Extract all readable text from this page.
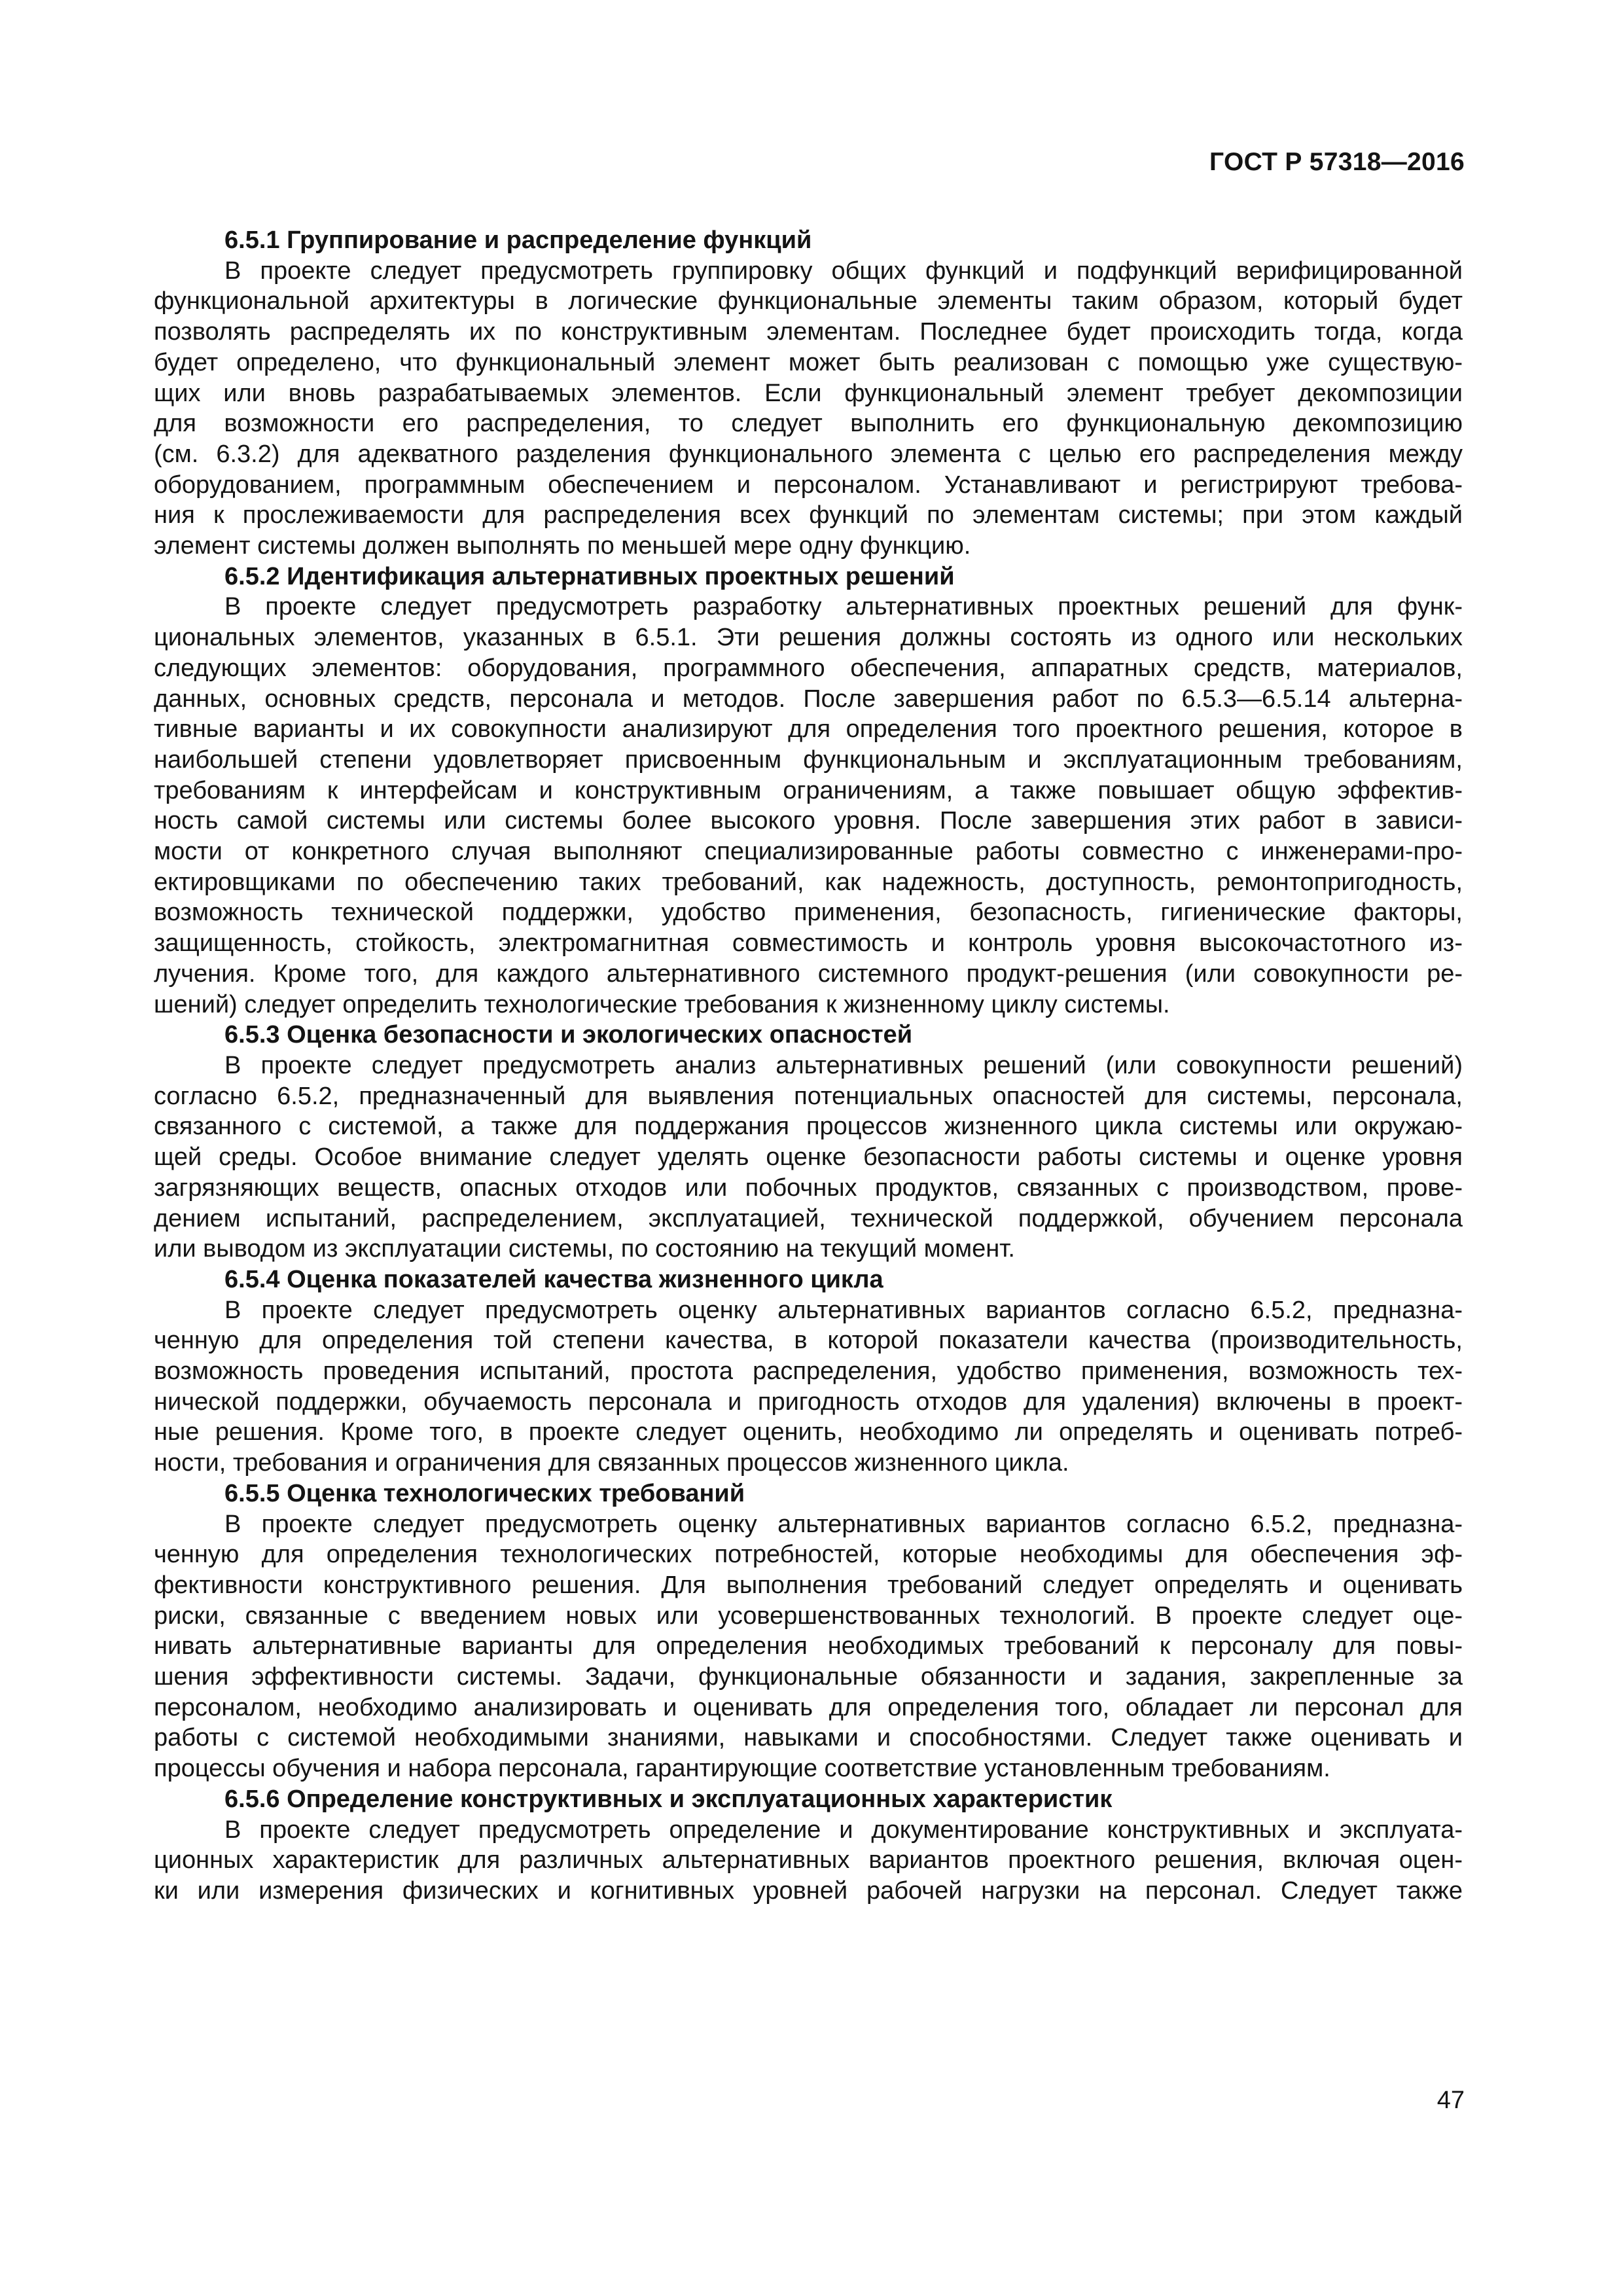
ГОСТ Р 57318—2016
6.5.1 Группирование и распределение функций
В проекте следует предусмотреть группировку общих функций и подфункций верифицированной
функциональной архитектуры в логические функциональные элементы таким образом, который будет
позволять распределять их по конструктивным элементам. Последнее будет происходить тогда, когда
будет определено, что функциональный элемент может быть реализован с помощью уже существую-
щих или вновь разрабатываемых элементов. Если функциональный элемент требует декомпозиции
для возможности его распределения, то следует выполнить его функциональную декомпозицию
(см. 6.3.2) для адекватного разделения функционального элемента с целью его распределения между
оборудованием, программным обеспечением и персоналом. Устанавливают и регистрируют требова-
ния к прослеживаемости для распределения всех функций по элементам системы; при этом каждый
элемент системы должен выполнять по меньшей мере одну функцию.
6.5.2 Идентификация альтернативных проектных решений
В проекте следует предусмотреть разработку альтернативных проектных решений для функ-
циональных элементов, указанных в 6.5.1. Эти решения должны состоять из одного или нескольких
следующих элементов: оборудования, программного обеспечения, аппаратных средств, материалов,
данных, основных средств, персонала и методов. После завершения работ по 6.5.3—6.5.14 альтерна-
тивные варианты и их совокупности анализируют для определения того проектного решения, которое в
наибольшей степени удовлетворяет присвоенным функциональным и эксплуатационным требованиям,
требованиям к интерфейсам и конструктивным ограничениям, а также повышает общую эффектив-
ность самой системы или системы более высокого уровня. После завершения этих работ в зависи-
мости от конкретного случая выполняют специализированные работы совместно с инженерами-про-
ектировщиками по обеспечению таких требований, как надежность, доступность, ремонтопригодность,
возможность технической поддержки, удобство применения, безопасность, гигиенические факторы,
защищенность, стойкость, электромагнитная совместимость и контроль уровня высокочастотного из-
лучения. Кроме того, для каждого альтернативного системного продукт-решения (или совокупности ре-
шений) следует определить технологические требования к жизненному циклу системы.
6.5.3 Оценка безопасности и экологических опасностей
В проекте следует предусмотреть анализ альтернативных решений (или совокупности решений)
согласно 6.5.2, предназначенный для выявления потенциальных опасностей для системы, персонала,
связанного с системой, а также для поддержания процессов жизненного цикла системы или окружаю-
щей среды. Особое внимание следует уделять оценке безопасности работы системы и оценке уровня
загрязняющих веществ, опасных отходов или побочных продуктов, связанных с производством, прове-
дением испытаний, распределением, эксплуатацией, технической поддержкой, обучением персонала
или выводом из эксплуатации системы, по состоянию на текущий момент.
6.5.4 Оценка показателей качества жизненного цикла
В проекте следует предусмотреть оценку альтернативных вариантов согласно 6.5.2, предназна-
ченную для определения той степени качества, в которой показатели качества (производительность,
возможность проведения испытаний, простота распределения, удобство применения, возможность тех-
нической поддержки, обучаемость персонала и пригодность отходов для удаления) включены в проект-
ные решения. Кроме того, в проекте следует оценить, необходимо ли определять и оценивать потреб-
ности, требования и ограничения для связанных процессов жизненного цикла.
6.5.5 Оценка технологических требований
В проекте следует предусмотреть оценку альтернативных вариантов согласно 6.5.2, предназна-
ченную для определения технологических потребностей, которые необходимы для обеспечения эф-
фективности конструктивного решения. Для выполнения требований следует определять и оценивать
риски, связанные с введением новых или усовершенствованных технологий. В проекте следует оце-
нивать альтернативные варианты для определения необходимых требований к персоналу для повы-
шения эффективности системы. Задачи, функциональные обязанности и задания, закрепленные за
персоналом, необходимо анализировать и оценивать для определения того, обладает ли персонал для
работы с системой необходимыми знаниями, навыками и способностями. Следует также оценивать и
процессы обучения и набора персонала, гарантирующие соответствие установленным требованиям.
6.5.6 Определение конструктивных и эксплуатационных характеристик
В проекте следует предусмотреть определение и документирование конструктивных и эксплуата-
ционных характеристик для различных альтернативных вариантов проектного решения, включая оцен-
ки или измерения физических и когнитивных уровней рабочей нагрузки на персонал. Следует также
47
